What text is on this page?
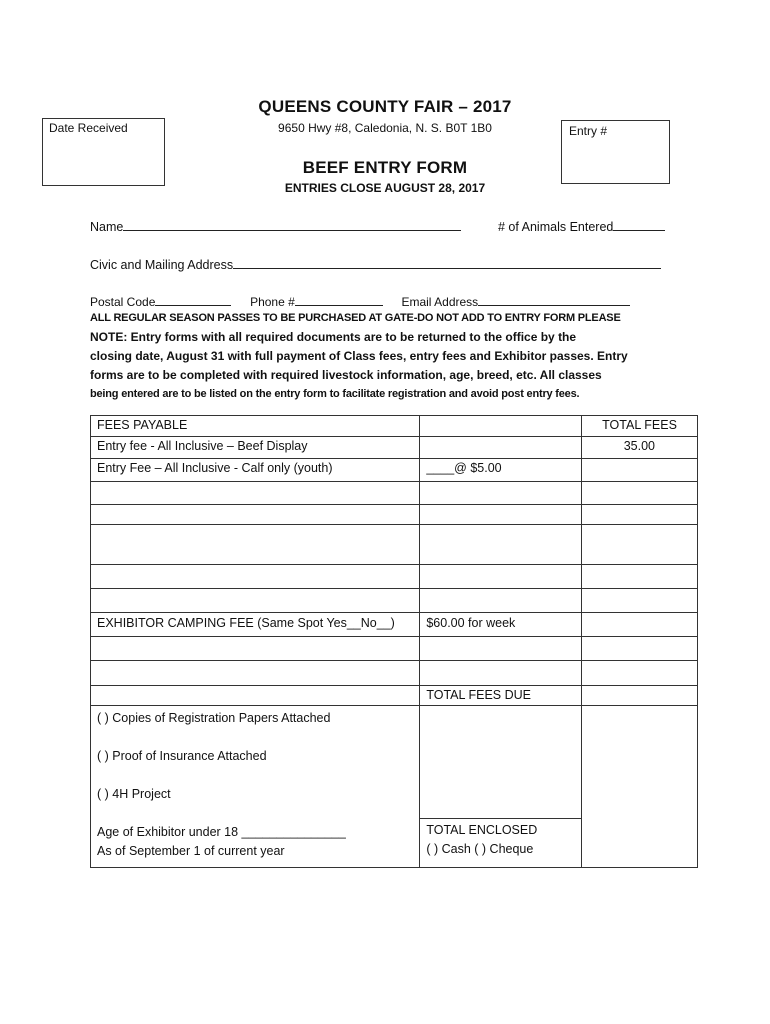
Date Received	Entry #
QUEENS COUNTY FAIR – 2017
9650 Hwy #8, Caledonia, N. S. B0T 1B0
BEEF ENTRY FORM
ENTRIES CLOSE AUGUST 28, 2017
Name	# of Animals Entered
Civic and Mailing Address
Postal Code	Phone #	Email Address
ALL REGULAR SEASON PASSES TO BE PURCHASED AT GATE-DO NOT ADD TO ENTRY FORM PLEASE
NOTE: Entry forms with all required documents are to be returned to the office by the
closing date, August 31 with full payment of Class fees, entry fees and Exhibitor passes. Entry
forms are to be completed with required livestock information, age, breed, etc. All classes
being entered are to be listed on the entry form to facilitate registration and avoid post entry fees.
FEES PAYABLE		TOTAL FEES
Entry fee - All Inclusive – Beef Display		35.00
Entry Fee – All Inclusive - Calf only (youth)	____@ $5.00	

EXHIBITOR CAMPING FEE (Same Spot Yes__No__)	$60.00 for week	

	TOTAL FEES DUE	

( ) Copies of Registration Papers Attached
( ) Proof of Insurance Attached
( ) 4H Project
Age of Exhibitor under 18 _______________
As of September 1 of current year		

	TOTAL ENCLOSED
( ) Cash ( ) Cheque	
